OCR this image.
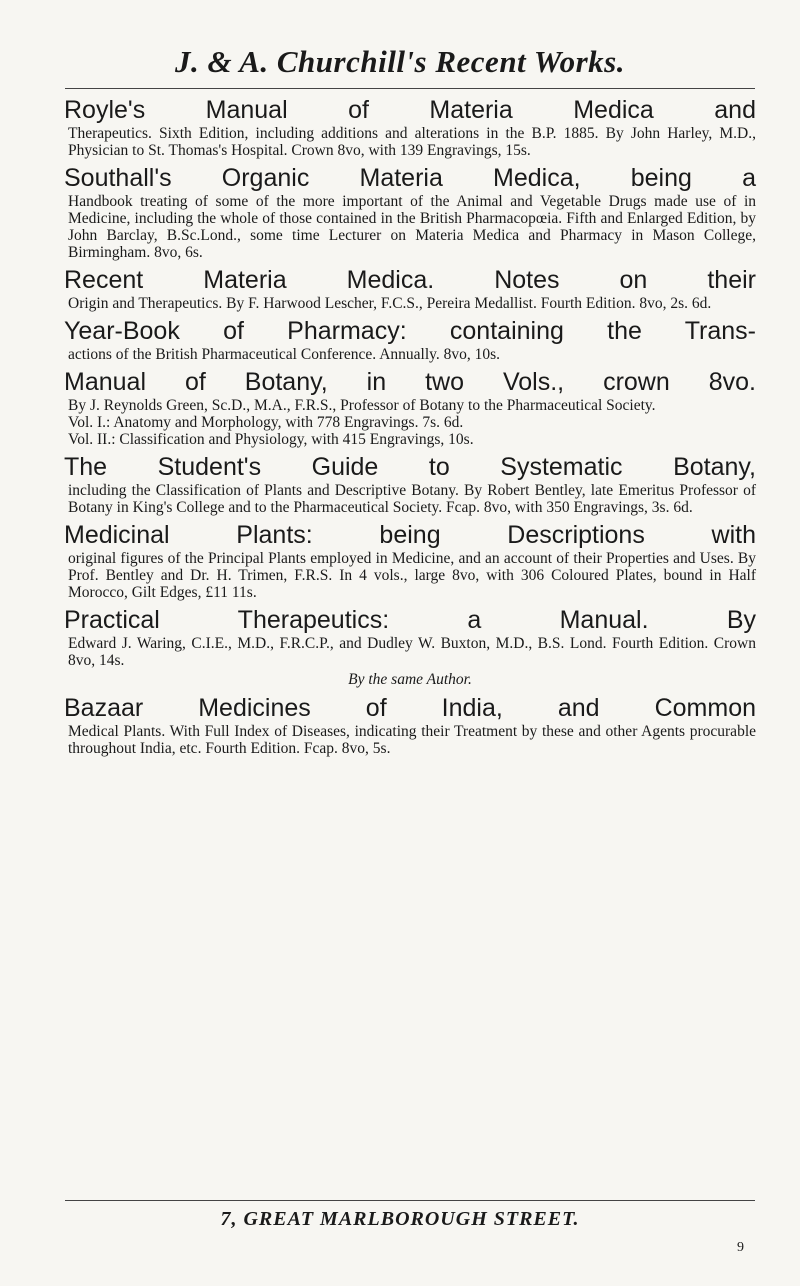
J. & A. Churchill's Recent Works.

Royle's Manual of Materia Medica and

Therapeutics. Sixth Edition, including additions and alterations in the B.P. 1885. By John Harley, M.D., Physician to St. Thomas's Hospital. Crown 8vo, with 139 Engravings, 15s.

Southall's Organic Materia Medica, being a

Handbook treating of some of the more important of the Animal and Vegetable Drugs made use of in Medicine, including the whole of those contained in the British Pharmacopœia. Fifth and Enlarged Edition, by John Barclay, B.Sc.Lond., some time Lecturer on Materia Medica and Pharmacy in Mason College, Birmingham. 8vo, 6s.

Recent Materia Medica. Notes on their

Origin and Therapeutics. By F. Harwood Lescher, F.C.S., Pereira Medallist. Fourth Edition. 8vo, 2s. 6d.

Year-Book of Pharmacy: containing the Trans-

actions of the British Pharmaceutical Conference. Annually. 8vo, 10s.

Manual of Botany, in two Vols., crown 8vo.

By J. Reynolds Green, Sc.D., M.A., F.R.S., Professor of Botany to the Pharmaceutical Society.

Vol. I.: Anatomy and Morphology, with 778 Engravings. 7s. 6d.
Vol. II.: Classification and Physiology, with 415 Engravings, 10s.

The Student's Guide to Systematic Botany,

including the Classification of Plants and Descriptive Botany. By Robert Bentley, late Emeritus Professor of Botany in King's College and to the Pharmaceutical Society. Fcap. 8vo, with 350 Engravings, 3s. 6d.

Medicinal Plants: being Descriptions with

original figures of the Principal Plants employed in Medicine, and an account of their Properties and Uses. By Prof. Bentley and Dr. H. Trimen, F.R.S. In 4 vols., large 8vo, with 306 Coloured Plates, bound in Half Morocco, Gilt Edges, £11 11s.

Practical Therapeutics: a Manual. By

Edward J. Waring, C.I.E., M.D., F.R.C.P., and Dudley W. Buxton, M.D., B.S. Lond. Fourth Edition. Crown 8vo, 14s.

By the same Author.

Bazaar Medicines of India, and Common

Medical Plants. With Full Index of Diseases, indicating their Treatment by these and other Agents procurable throughout India, etc. Fourth Edition. Fcap. 8vo, 5s.

7, GREAT MARLBOROUGH STREET.
9
